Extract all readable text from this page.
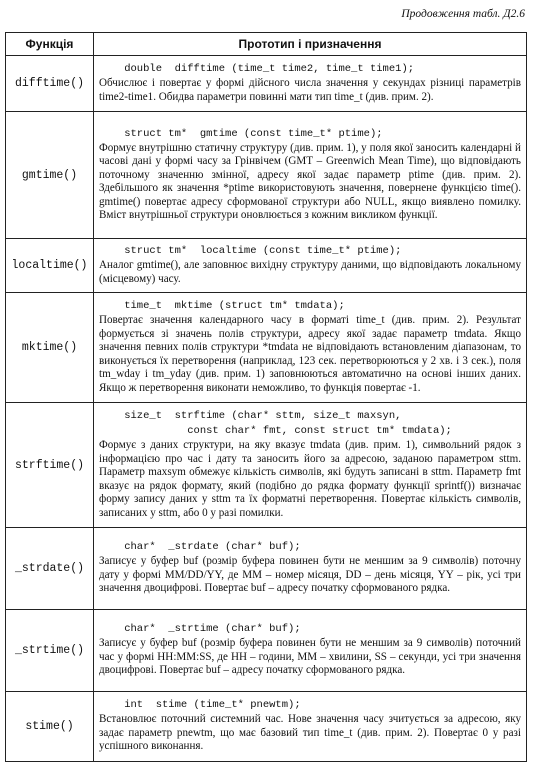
Продовження табл. Д2.6
Функція	Прототип і призначення
difftime()	double  difftime (time_t time2, time_t time1);
Обчислює і повертає у формі дійсного числа значення у секундах різниці параметрів time2-time1. Обидва параметри повинні мати тип time_t (див. прим. 2).

gmtime()	struct tm*  gmtime (const time_t* ptime);
Формує внутрішню статичну структуру (див. прим. 1), у поля якої заносить календарні й часові дані у формі часу за Грінвічем (GMT – Greenwich Mean Time), що відповідають поточному значенню змінної, адресу якої задає параметр ptime (див. прим. 2). Здебільшого як значення *ptime використовують значення, повернене функцією time(). gmtime() повертає адресу сформованої структури або NULL, якщо виявлено помилку. Вміст внутрішньої структури оновлюється з кожним викликом функції.

localtime()	struct tm*  localtime (const time_t* ptime);
Аналог gmtime(), але заповнює вихідну структуру даними, що відповідають локальному (місцевому) часу.

mktime()	time_t  mktime (struct tm* tmdata);
Повертає значення календарного часу в форматі time_t (див. прим. 2). Результат формується зі значень полів структури, адресу якої задає параметр tmdata. Якщо значення певних полів структури *tmdata не відповідають встановленим діапазонам, то виконується їх перетворення (наприклад, 123 сек. перетворюються у 2 хв. і 3 сек.), поля tm_wday і tm_yday (див. прим. 1) заповнюються автоматично на основі інших даних. Якщо ж перетворення виконати неможливо, то функція повертає -1.

strftime()	size_t  strftime (char* sttm, size_t maxsyn,
const char* fmt, const struct tm* tmdata);
Формує з даних структури, на яку вказує tmdata (див. прим. 1), символьний рядок з інформацією про час і дату та заносить його за адресою, заданою параметром sttm. Параметр maxsym обмежує кількість символів, які будуть записані в sttm. Параметр fmt вказує на рядок формату, який (подібно до рядка формату функції sprintf()) визначає форму запису даних у sttm та їх форматні перетворення. Повертає кількість символів, записаних у sttm, або 0 у разі помилки.

_strdate()	char*  _strdate (char* buf);
Записує у буфер buf (розмір буфера повинен бути не меншим за 9 символів) поточну дату у формі MM/DD/YY, де MM – номер місяця, DD – день місяця, YY – рік, усі три значення двоцифрові. Повертає buf – адресу початку сформованого рядка.

_strtime()	char*  _strtime (char* buf);
Записує у буфер buf (розмір буфера повинен бути не меншим за 9 символів) поточний час у формі HH:MM:SS, де HH – години, MM – хвилини, SS – секунди, усі три значення двоцифрові. Повертає buf – адресу початку сформованого рядка.

stime()	int  stime (time_t* pnewtm);
Встановлює поточний системний час. Нове значення часу зчитується за адресою, яку задає параметр pnewtm, що має базовий тип time_t (див. прим. 2). Повертає 0 у разі успішного виконання.
